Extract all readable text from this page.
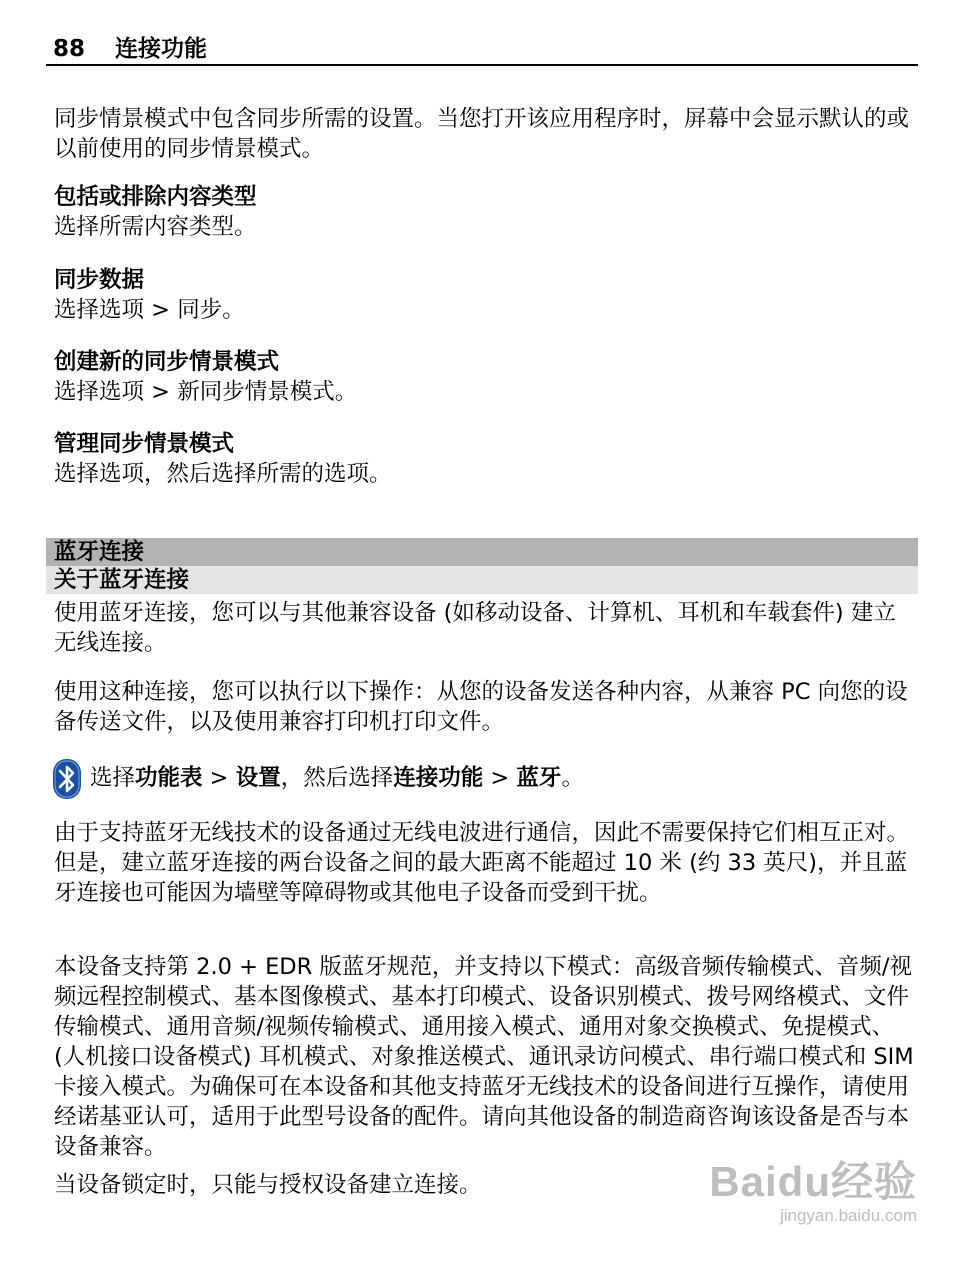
88 连接功能
同步情景模式中包含同步所需的设置。当您打开该应用程序时，屏幕中会显示默认的或以前使用的同步情景模式。
包括或排除内容类型
选择所需内容类型。
同步数据
选择选项 > 同步。
创建新的同步情景模式
选择选项 > 新同步情景模式。
管理同步情景模式
选择选项，然后选择所需的选项。
蓝牙连接
关于蓝牙连接
使用蓝牙连接，您可以与其他兼容设备 (如移动设备、计算机、耳机和车载套件) 建立无线连接。
使用这种连接，您可以执行以下操作：从您的设备发送各种内容，从兼容 PC 向您的设备传送文件，以及使用兼容打印机打印文件。
选择功能表 > 设置，然后选择连接功能 > 蓝牙。
由于支持蓝牙无线技术的设备通过无线电波进行通信，因此不需要保持它们相互正对。但是，建立蓝牙连接的两台设备之间的最大距离不能超过 10 米 (约 33 英尺)，并且蓝牙连接也可能因为墙壁等障碍物或其他电子设备而受到干扰。
本设备支持第 2.0 + EDR 版蓝牙规范，并支持以下模式：高级音频传输模式、音频/视频远程控制模式、基本图像模式、基本打印模式、设备识别模式、拨号网络模式、文件传输模式、通用音频/视频传输模式、通用接入模式、通用对象交换模式、免提模式、(人机接口设备模式) 耳机模式、对象推送模式、通讯录访问模式、串行端口模式和 SIM 卡接入模式。为确保可在本设备和其他支持蓝牙无线技术的设备间进行互操作，请使用经诺基亚认可，适用于此型号设备的配件。请向其他设备的制造商咨询该设备是否与本设备兼容。
当设备锁定时，只能与授权设备建立连接。	Baidu经验
jingyan.baidu.com
